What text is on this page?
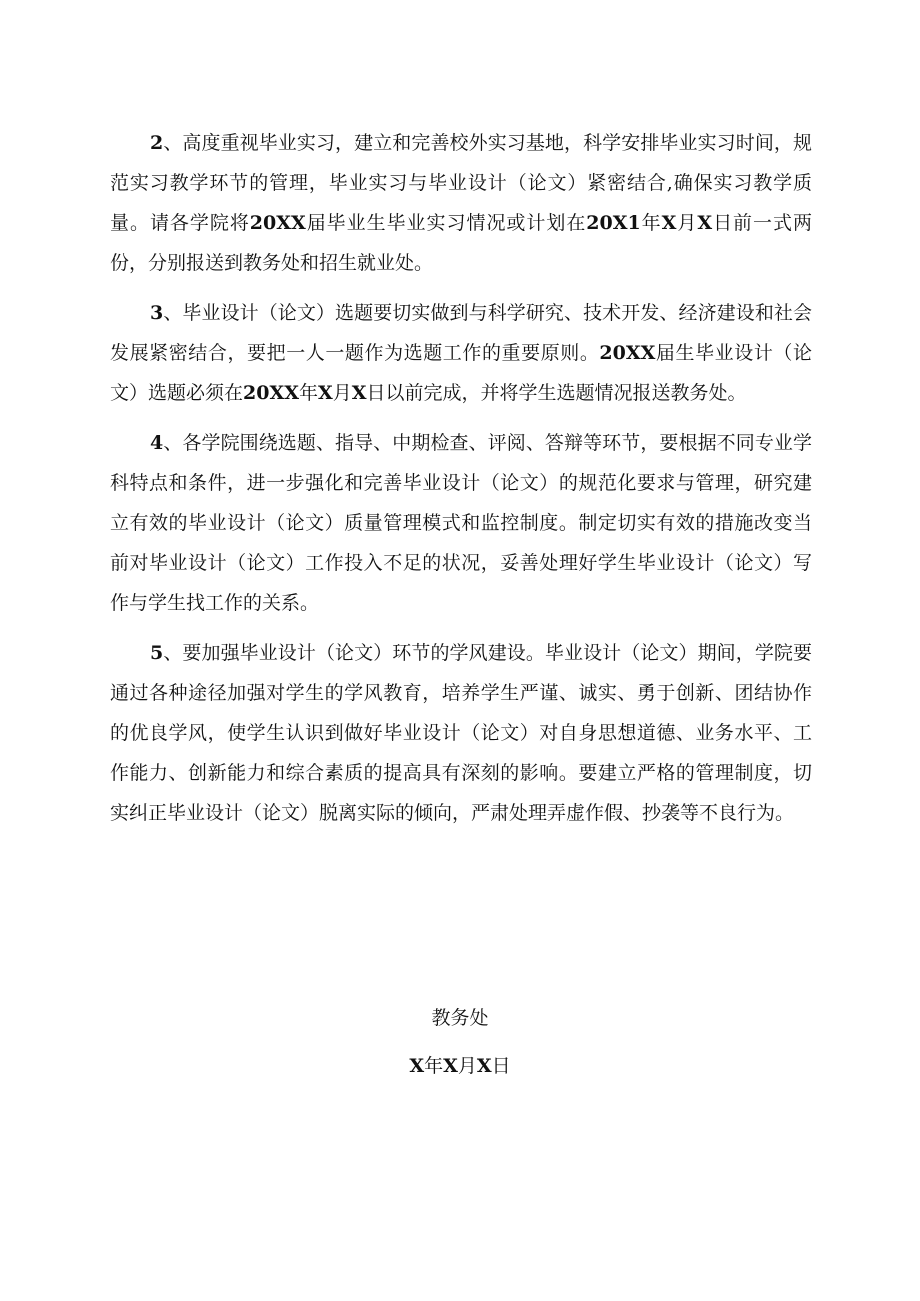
2、高度重视毕业实习，建立和完善校外实习基地，科学安排毕业实习时间，规范实习教学环节的管理，毕业实习与毕业设计（论文）紧密结合,确保实习教学质量。请各学院将20XX届毕业生毕业实习情况或计划在20X1年X月X日前一式两份，分别报送到教务处和招生就业处。

3、毕业设计（论文）选题要切实做到与科学研究、技术开发、经济建设和社会发展紧密结合，要把一人一题作为选题工作的重要原则。20XX届生毕业设计（论文）选题必须在20XX年X月X日以前完成，并将学生选题情况报送教务处。

4、各学院围绕选题、指导、中期检查、评阅、答辩等环节，要根据不同专业学科特点和条件，进一步强化和完善毕业设计（论文）的规范化要求与管理，研究建立有效的毕业设计（论文）质量管理模式和监控制度。制定切实有效的措施改变当前对毕业设计（论文）工作投入不足的状况，妥善处理好学生毕业设计（论文）写作与学生找工作的关系。

5、要加强毕业设计（论文）环节的学风建设。毕业设计（论文）期间，学院要通过各种途径加强对学生的学风教育，培养学生严谨、诚实、勇于创新、团结协作的优良学风，使学生认识到做好毕业设计（论文）对自身思想道德、业务水平、工作能力、创新能力和综合素质的提高具有深刻的影响。要建立严格的管理制度，切实纠正毕业设计（论文）脱离实际的倾向，严肃处理弄虚作假、抄袭等不良行为。

教务处
X年X月X日
